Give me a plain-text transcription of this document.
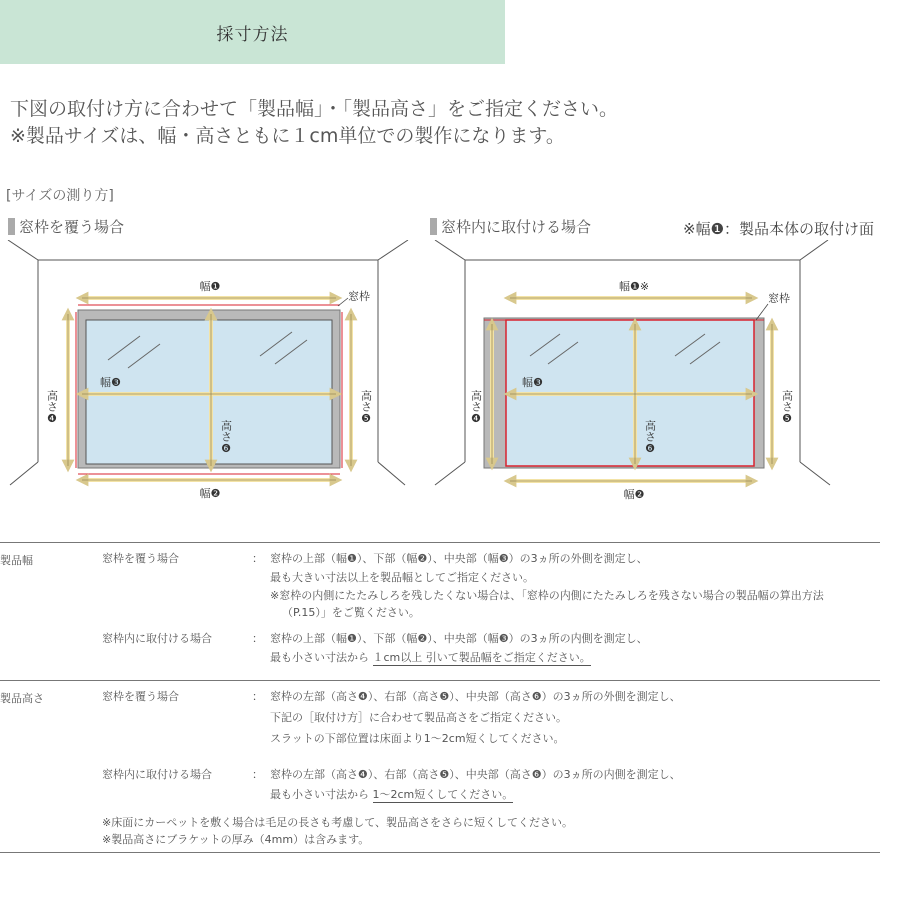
採寸方法
下図の取付け方に合わせて「製品幅」・「製品高さ」をご指定ください。
※製品サイズは、幅・高さともに１cm単位での製作になります。
[サイズの測り方]
窓枠を覆う場合	窓枠内に取付ける場合	※幅❶：製品本体の取付け面
幅❶
幅❷
幅❸
窓枠
高さ❹	高さ❺
高さ❻
幅❶※
幅❷
幅❸
窓枠
高さ❹	高さ❺
高さ❻
製品幅	窓枠を覆う場合	： 窓枠の上部（幅❶）、下部（幅❷）、中央部（幅❸）の3ヵ所の外側を測定し、
最も大きい寸法以上を製品幅としてご指定ください。
※窓枠の内側にたたみしろを残したくない場合は、「窓枠の内側にたたみしろを残さない場合の製品幅の算出方法
（P.15）」をご覧ください。
窓枠内に取付ける場合	： 窓枠の上部（幅❶）、下部（幅❷）、中央部（幅❸）の3ヵ所の内側を測定し、
最も小さい寸法から １cm以上 引いて製品幅をご指定ください。
製品高さ	窓枠を覆う場合	： 窓枠の左部（高さ❹）、右部（高さ❺）、中央部（高さ❻）の3ヵ所の外側を測定し、
下記の［取付け方］に合わせて製品高さをご指定ください。
スラットの下部位置は床面より1～2cm短くしてください。
窓枠内に取付ける場合	： 窓枠の左部（高さ❹）、右部（高さ❺）、中央部（高さ❻）の3ヵ所の内側を測定し、
最も小さい寸法から 1～2cm短くしてください。
※床面にカーペットを敷く場合は毛足の長さも考慮して、製品高さをさらに短くしてください。
※製品高さにブラケットの厚み（4mm）は含みます。
